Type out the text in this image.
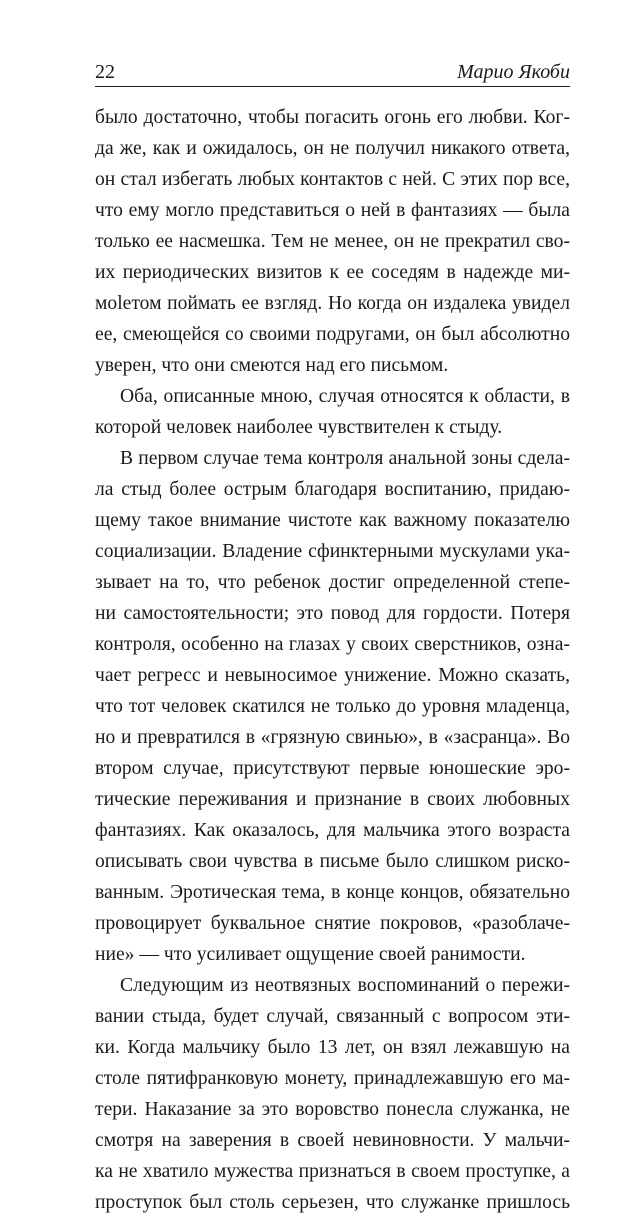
22	Марио Якоби
было достаточно, чтобы погасить огонь его любви. Ког-
да же, как и ожидалось, он не получил никакого ответа,
он стал избегать любых контактов с ней. С этих пор все,
что ему могло представиться о ней в фантазиях — была
только ее насмешка. Тем не менее, он не прекратил сво-
их периодических визитов к ее соседям в надежде ми-
мolетом поймать ее взгляд. Но когда он издалека увидел
ее, смеющейся со своими подругами, он был абсолютно
уверен, что они смеются над его письмом.
Оба, описанные мною, случая относятся к области, в
которой человек наиболее чувствителен к стыду.
В первом случае тема контроля анальной зоны сдела-
ла стыд более острым благодаря воспитанию, придаю-
щему такое внимание чистоте как важному показателю
социализации. Владение сфинктерными мускулами ука-
зывает на то, что ребенок достиг определенной степе-
ни самостоятельности; это повод для гордости. Потеря
контроля, особенно на глазах у своих сверстников, озна-
чает регресс и невыносимое унижение. Можно сказать,
что тот человек скатился не только до уровня младенца,
но и превратился в «грязную свинью», в «засранца». Во
втором случае, присутствуют первые юношеские эро-
тические переживания и признание в своих любовных
фантазиях. Как оказалось, для мальчика этого возраста
описывать свои чувства в письме было слишком риско-
ванным. Эротическая тема, в конце концов, обязательно
провоцирует буквальное снятие покровов, «разоблаче-
ние» — что усиливает ощущение своей ранимости.
Следующим из неотвязных воспоминаний о пережи-
вании стыда, будет случай, связанный с вопросом эти-
ки. Когда мальчику было 13 лет, он взял лежавшую на
столе пятифранковую монету, принадлежавшую его ма-
тери. Наказание за это воровство понесла служанка, не
смотря на заверения в своей невиновности. У мальчи-
ка не хватило мужества признаться в своем проступке, а
проступок был столь серьезен, что служанке пришлось
